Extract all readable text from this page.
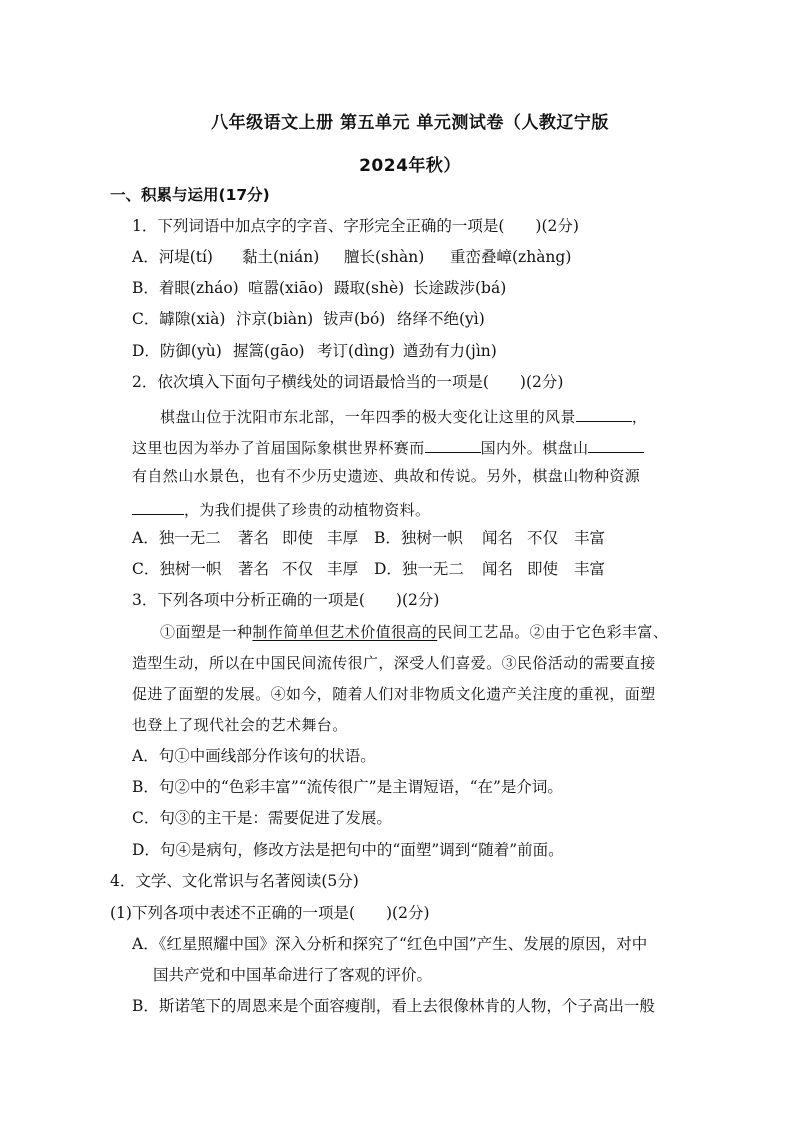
八年级语文上册 第五单元 单元测试卷（人教辽宁版
2024年秋）
一、积累与运用(17分)
1．下列词语中加点字的字音、字形完全正确的一项是(　　)(2分)
A．河堤(tí) 黏土(nián) 膻长(shàn) 重峦叠嶂(zhàng)
B．着眼(zháo) 喧嚣(xiāo) 蹑取(shè) 长途跋涉(bá)
C．罅隙(xià) 汴京(biàn) 钹声(bó) 络绎不绝(yì)
D．防御(yù) 握篙(gāo) 考订(dìng) 遒劲有力(jìn)
2．依次填入下面句子横线处的词语最恰当的一项是(　　)(2分)
棋盘山位于沈阳市东北部，一年四季的极大变化让这里的风景	，
这里也因为举办了首届国际象棋世界杯赛而	国内外。棋盘山
有自然山水景色，也有不少历史遗迹、典故和传说。另外，棋盘山物种资源
，为我们提供了珍贵的动植物资料。
A．独一无二 著名 即使 丰厚 B．独树一帜 闻名 不仅 丰富
C．独树一帜 著名 不仅 丰厚 D．独一无二 闻名 即使 丰富
3．下列各项中分析正确的一项是(　　)(2分)
①面塑是一种制作简单但艺术价值很高的民间工艺品。②由于它色彩丰富、
造型生动，所以在中国民间流传很广，深受人们喜爱。③民俗活动的需要直接
促进了面塑的发展。④如今，随着人们对非物质文化遗产关注度的重视，面塑
也登上了现代社会的艺术舞台。
A．句①中画线部分作该句的状语。
B．句②中的“色彩丰富”“流传很广”是主谓短语，“在”是介词。
C．句③的主干是：需要促进了发展。
D．句④是病句，修改方法是把句中的“面塑”调到“随着”前面。
4．文学、文化常识与名著阅读(5分)
(1)下列各项中表述不正确的一项是(　　)(2分)
A．《红星照耀中国》深入分析和探究了“红色中国”产生、发展的原因，对中
国共产党和中国革命进行了客观的评价。
B．斯诺笔下的周恩来是个面容瘦削，看上去很像林肯的人物，个子高出一般
